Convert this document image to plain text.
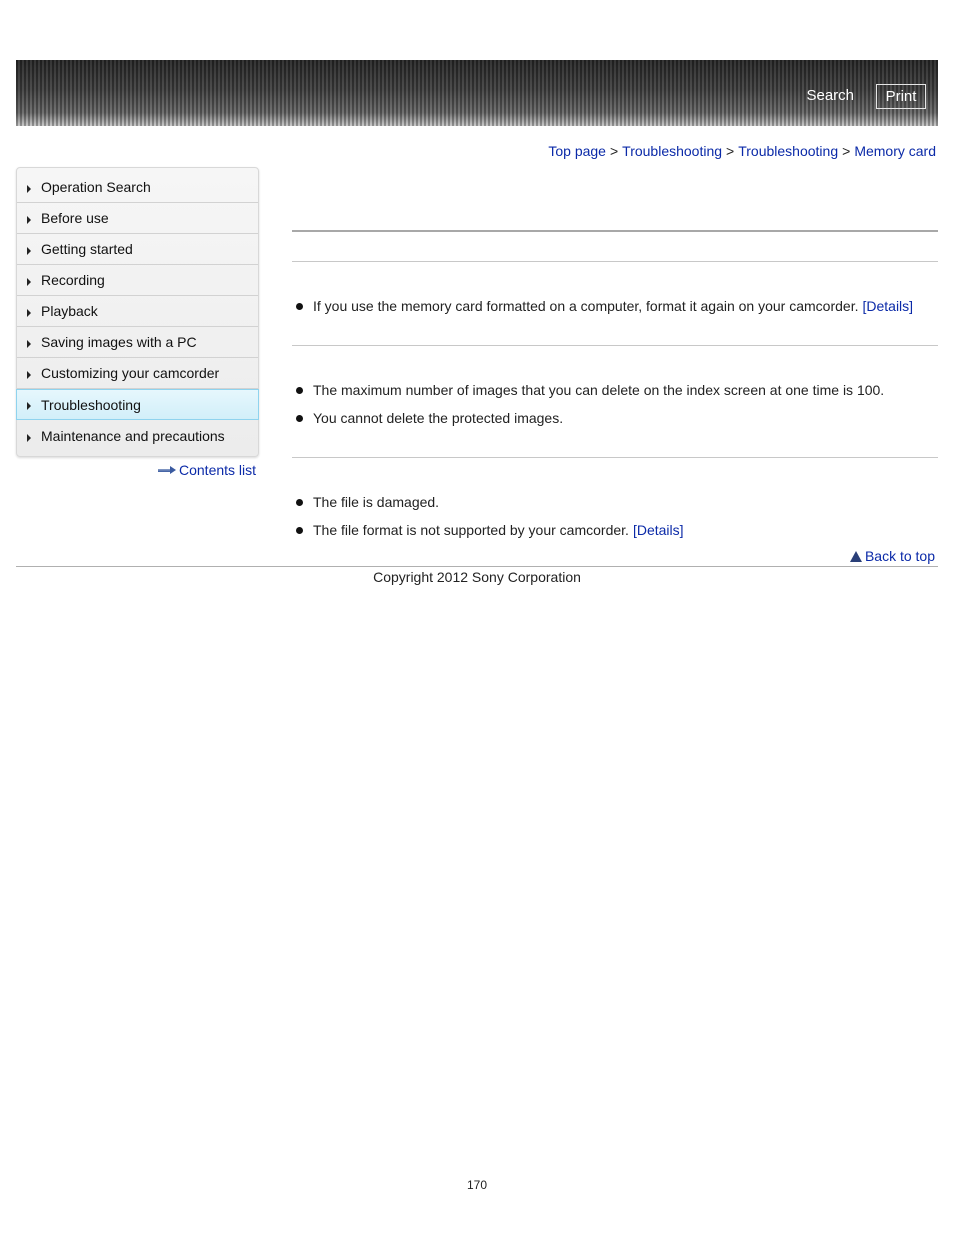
Search	Print
Top page > Troubleshooting > Troubleshooting > Memory card
Operation Search
Before use
Getting started
Recording
Playback
Saving images with a PC
Customizing your camcorder
Troubleshooting
Maintenance and precautions
Contents list
If you use the memory card formatted on a computer, format it again on your camcorder. [Details]
The maximum number of images that you can delete on the index screen at one time is 100.
You cannot delete the protected images.
The file is damaged.
The file format is not supported by your camcorder. [Details]
Back to top
Copyright 2012 Sony Corporation
170
